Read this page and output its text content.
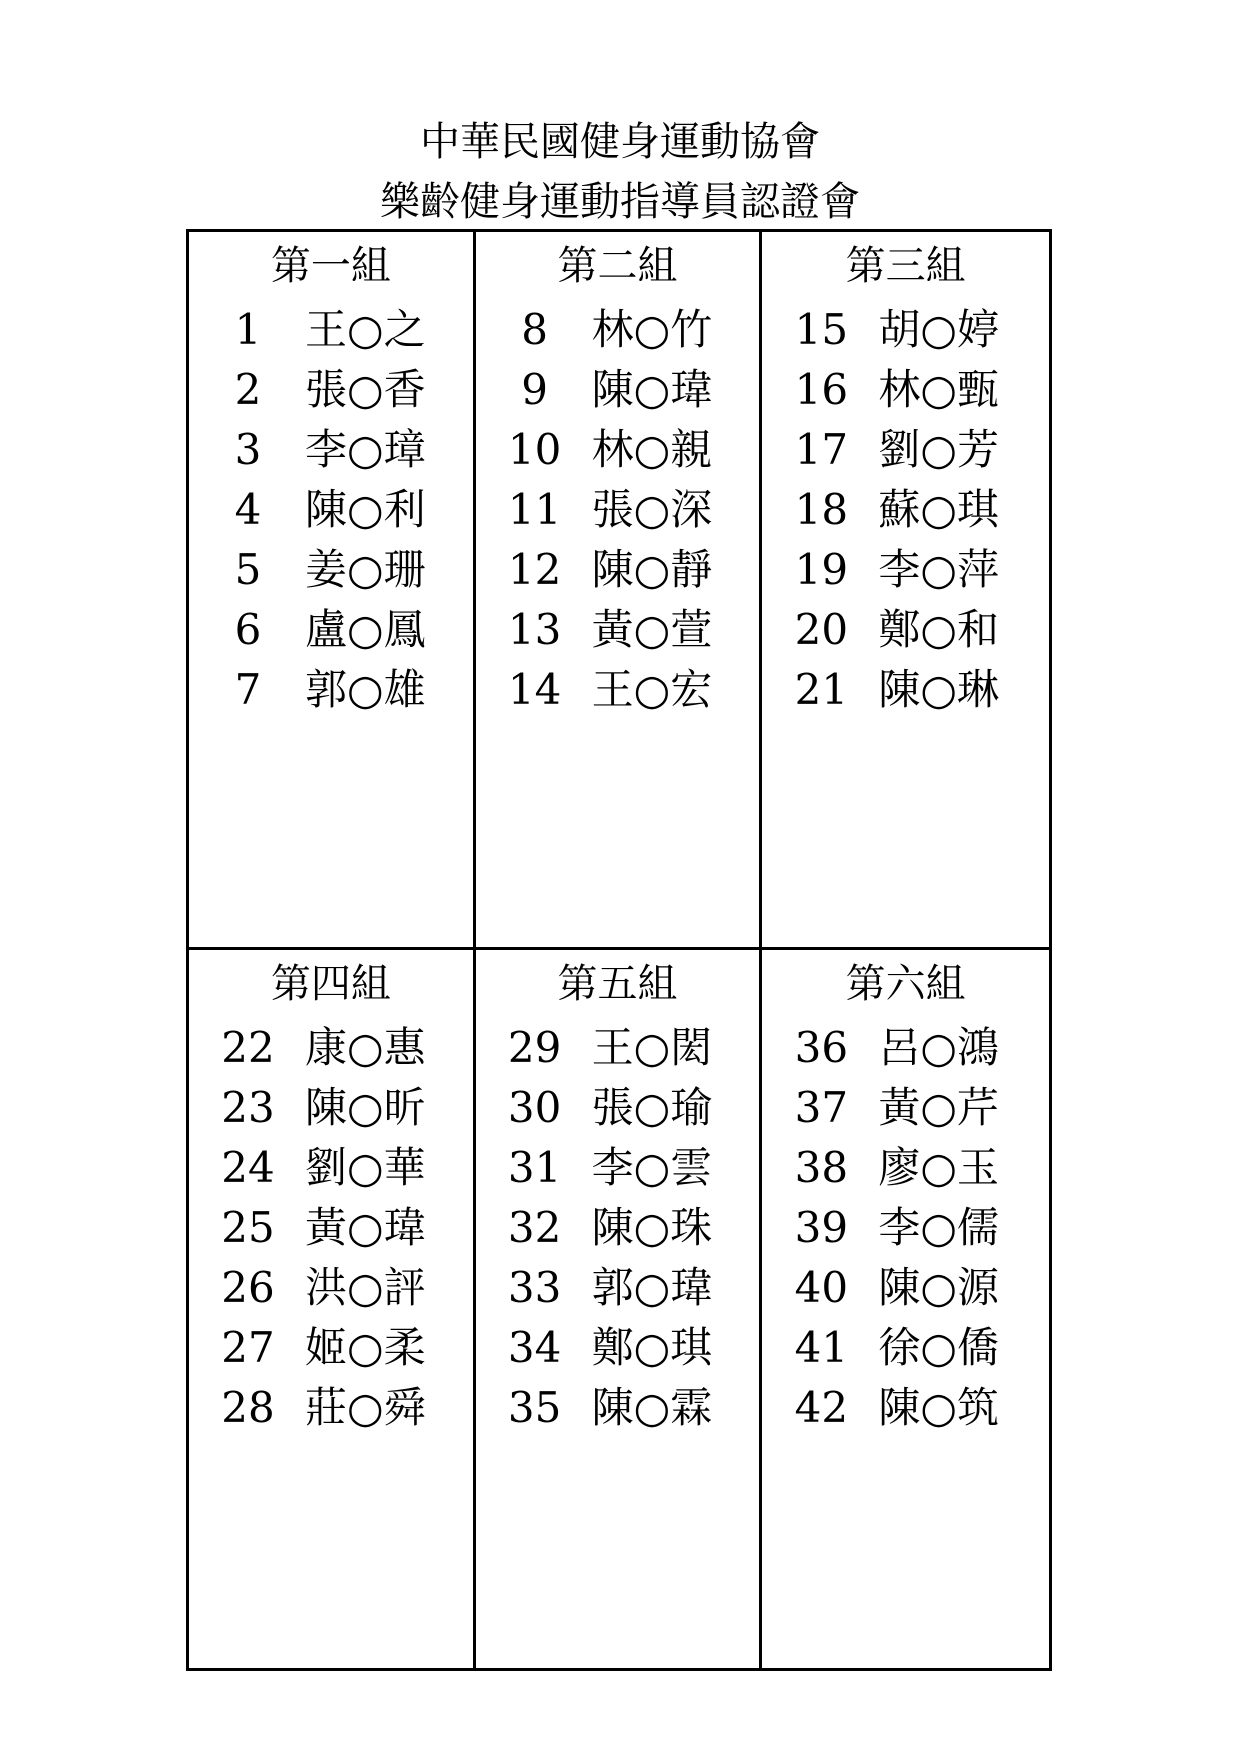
中華民國健身運動協會
樂齡健身運動指導員認證會
第一組
1	王○之
2	張○香
3	李○璋
4	陳○利
5	姜○珊
6	盧○鳳
7	郭○雄
第二組
8	林○竹
9	陳○瑋
10 林○親
11 張○深
12 陳○靜
13 黃○萱
14 王○宏
第三組
15 胡○婷
16 林○甄
17 劉○芳
18 蘇○琪
19 李○萍
20 鄭○和
21 陳○琳
第四組
22 康○惠
23 陳○昕
24 劉○華
25 黃○瑋
26 洪○評
27 姬○柔
28 莊○舜
第五組
29 王○閎
30 張○瑜
31 李○雲
32 陳○珠
33 郭○瑋
34 鄭○琪
35 陳○霖
第六組
36 呂○鴻
37 黃○芹
38 廖○玉
39 李○儒
40 陳○源
41 徐○僑
42 陳○筑
